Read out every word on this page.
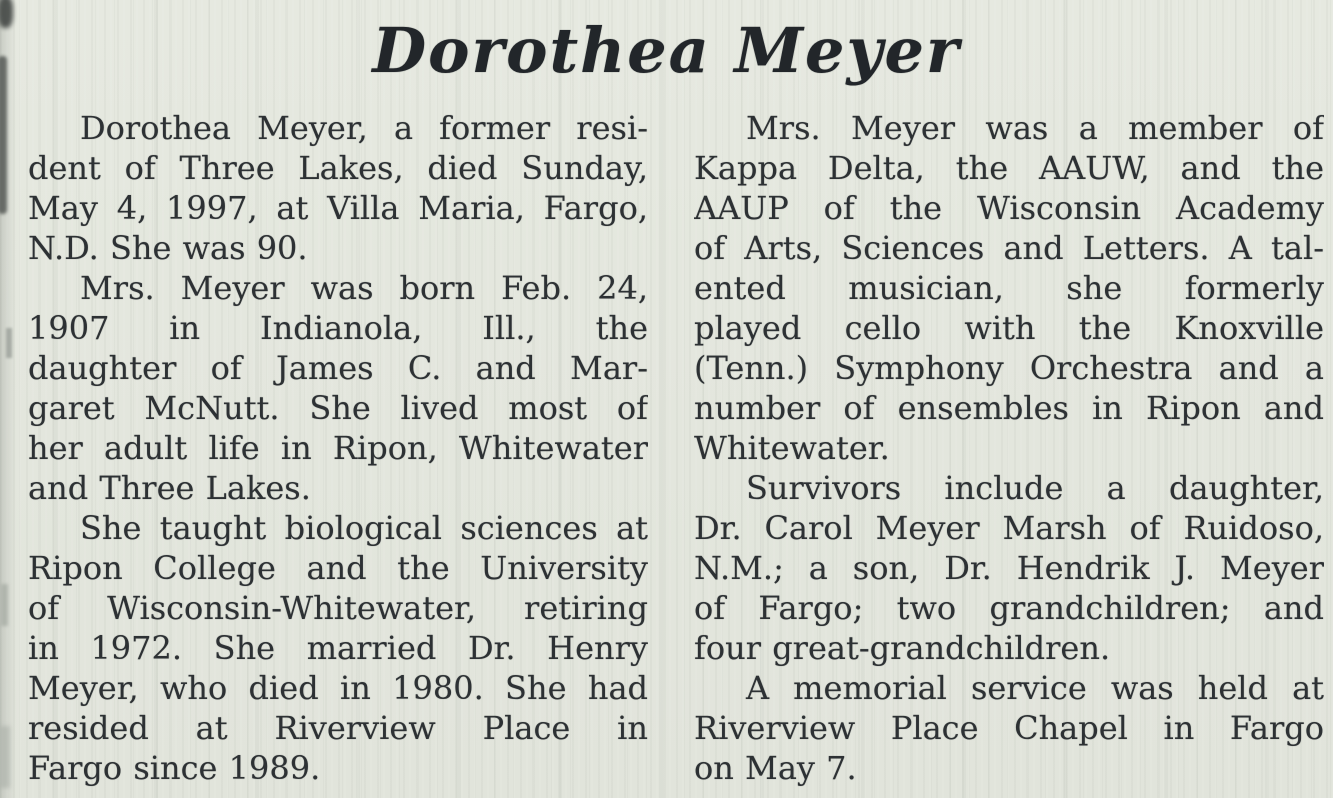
Dorothea Meyer
Dorothea Meyer, a former resi-
dent of Three Lakes, died Sunday,
May 4, 1997, at Villa Maria, Fargo,
N.D. She was 90.
Mrs. Meyer was born Feb. 24,
1907 in Indianola, Ill., the
daughter of James C. and Mar-
garet McNutt. She lived most of
her adult life in Ripon, Whitewater
and Three Lakes.
She taught biological sciences at
Ripon College and the University
of Wisconsin-Whitewater, retiring
in 1972. She married Dr. Henry
Meyer, who died in 1980. She had
resided at Riverview Place in
Fargo since 1989.
Mrs. Meyer was a member of
Kappa Delta, the AAUW, and the
AAUP of the Wisconsin Academy
of Arts, Sciences and Letters. A tal-
ented musician, she formerly
played cello with the Knoxville
(Tenn.) Symphony Orchestra and a
number of ensembles in Ripon and
Whitewater.
Survivors include a daughter,
Dr. Carol Meyer Marsh of Ruidoso,
N.M.; a son, Dr. Hendrik J. Meyer
of Fargo; two grandchildren; and
four great-grandchildren.
A memorial service was held at
Riverview Place Chapel in Fargo
on May 7.
